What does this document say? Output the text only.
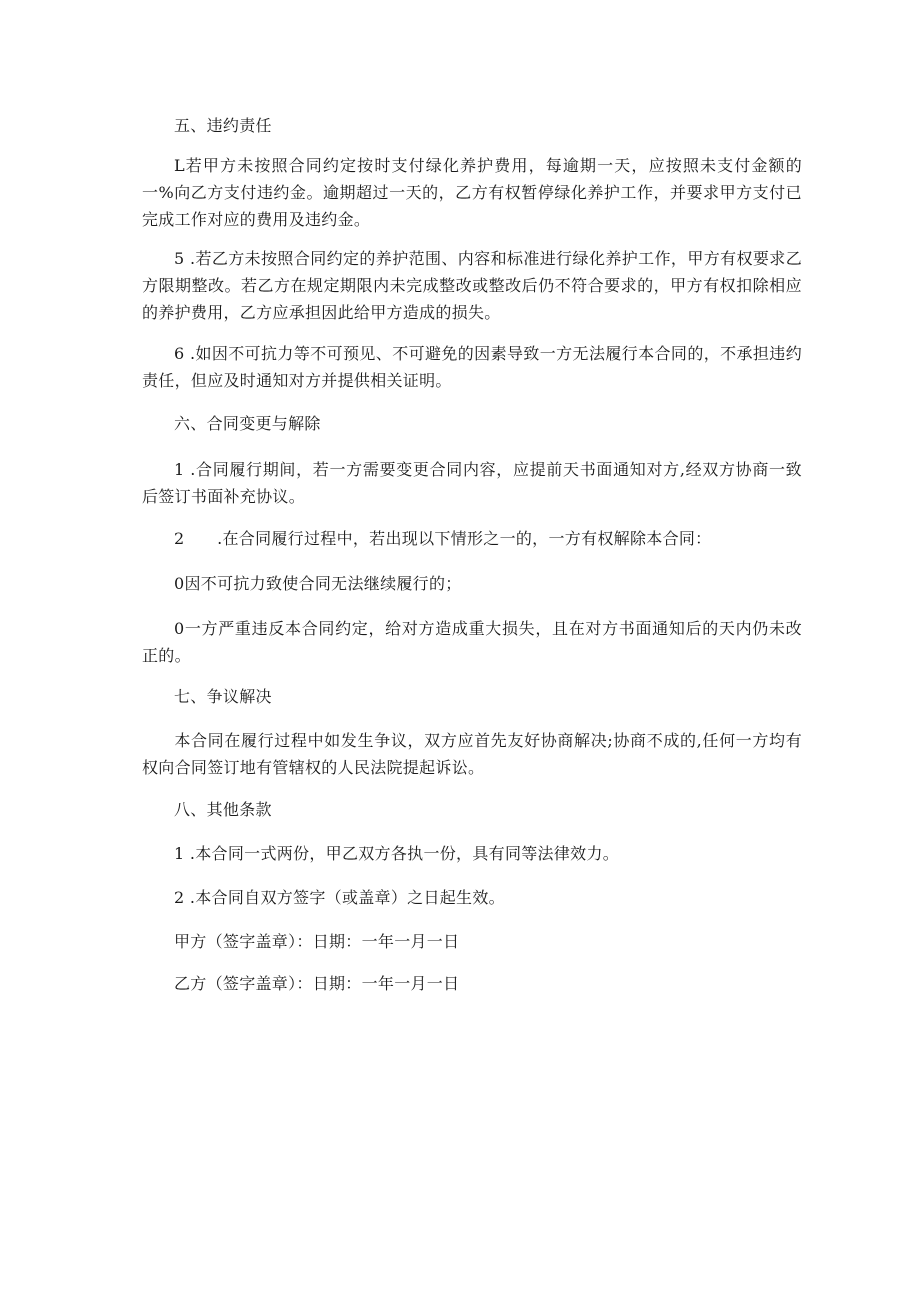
五、违约责任
L若甲方未按照合同约定按时支付绿化养护费用，每逾期一天，应按照未支付金额的一%向乙方支付违约金。逾期超过一天的，乙方有权暂停绿化养护工作，并要求甲方支付已完成工作对应的费用及违约金。
5 .若乙方未按照合同约定的养护范围、内容和标准进行绿化养护工作，甲方有权要求乙方限期整改。若乙方在规定期限内未完成整改或整改后仍不符合要求的，甲方有权扣除相应的养护费用，乙方应承担因此给甲方造成的损失。
6 .如因不可抗力等不可预见、不可避免的因素导致一方无法履行本合同的，不承担违约责任，但应及时通知对方并提供相关证明。
六、合同变更与解除
1 .合同履行期间，若一方需要变更合同内容，应提前天书面通知对方,经双方协商一致后签订书面补充协议。
2　　.在合同履行过程中，若出现以下情形之一的，一方有权解除本合同：
0因不可抗力致使合同无法继续履行的；
0一方严重违反本合同约定，给对方造成重大损失，且在对方书面通知后的天内仍未改正的。
七、争议解决
本合同在履行过程中如发生争议，双方应首先友好协商解决;协商不成的,任何一方均有权向合同签订地有管辖权的人民法院提起诉讼。
八、其他条款
1 .本合同一式两份，甲乙双方各执一份，具有同等法律效力。
2 .本合同自双方签字（或盖章）之日起生效。
甲方（签字盖章）：日期：一年一月一日
乙方（签字盖章）：日期：一年一月一日
